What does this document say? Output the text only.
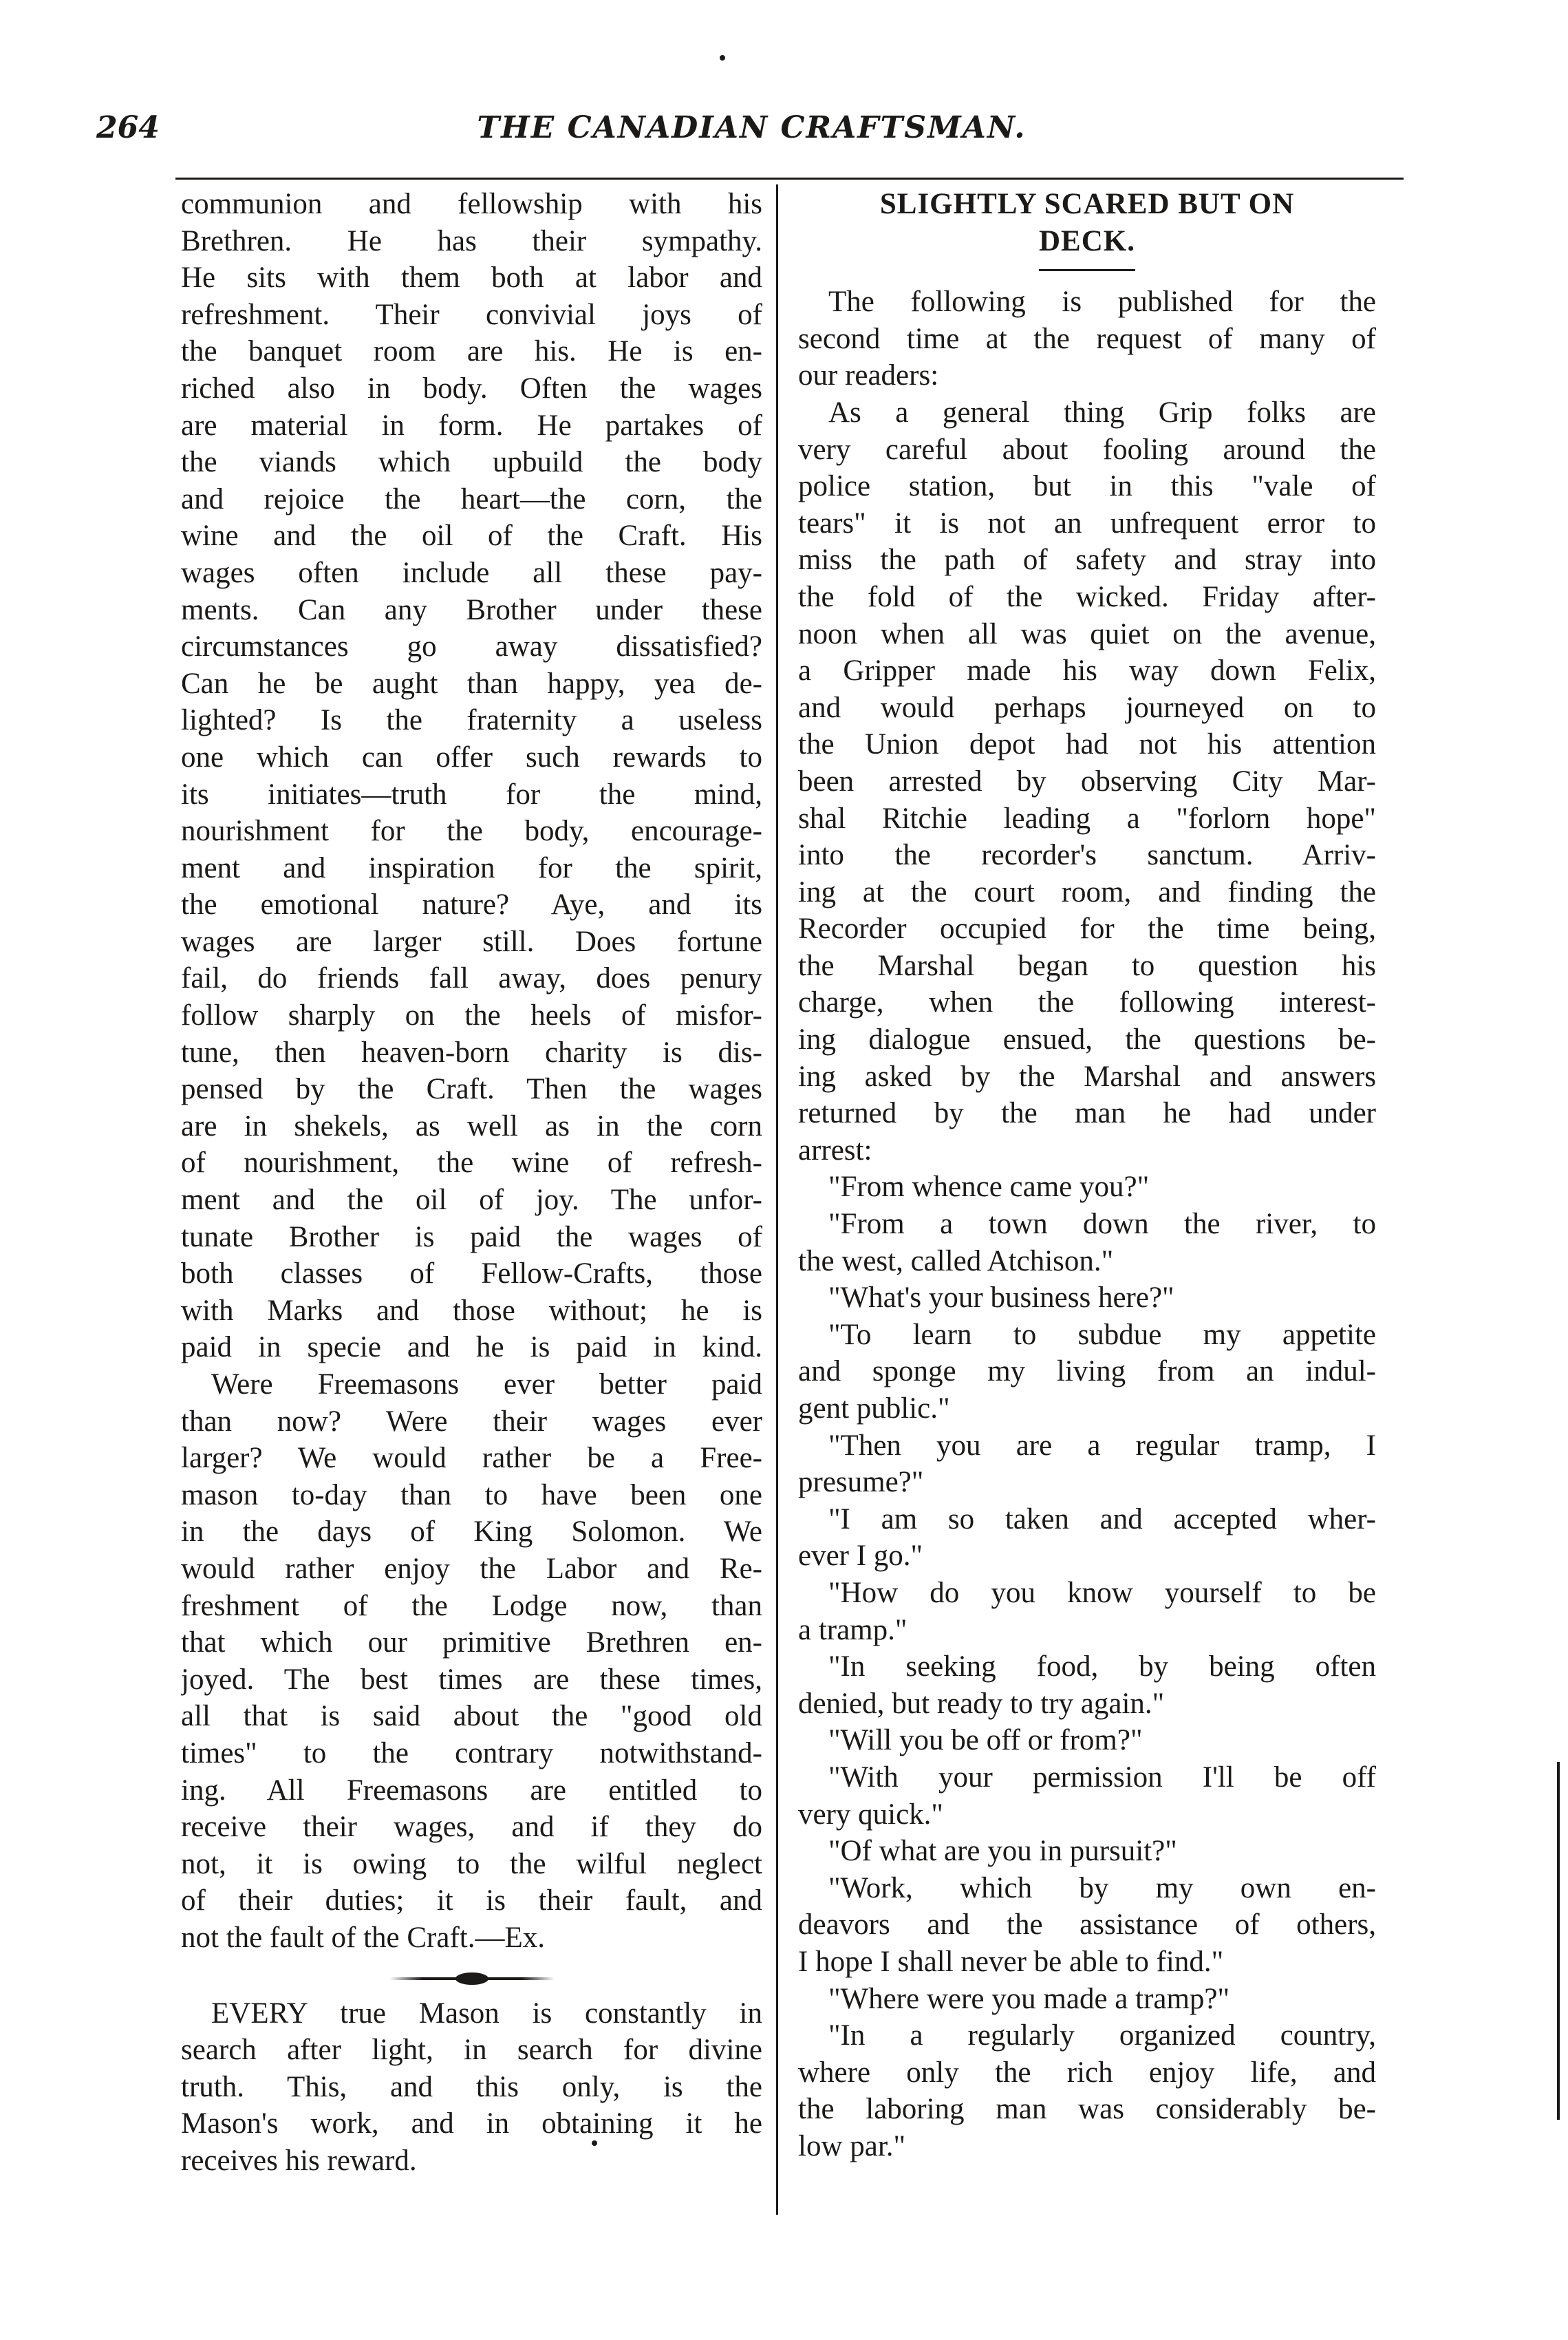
264	THE CANADIAN CRAFTSMAN.
communion and fellowship with his
Brethren. He has their sympathy.
He sits with them both at labor and
refreshment. Their convivial joys of
the banquet room are his. He is en-
riched also in body. Often the wages
are material in form. He partakes of
the viands which upbuild the body
and rejoice the heart—the corn, the
wine and the oil of the Craft. His
wages often include all these pay-
ments. Can any Brother under these
circumstances go away dissatisfied?
Can he be aught than happy, yea de-
lighted? Is the fraternity a useless
one which can offer such rewards to
its initiates—truth for the mind,
nourishment for the body, encourage-
ment and inspiration for the spirit,
the emotional nature? Aye, and its
wages are larger still. Does fortune
fail, do friends fall away, does penury
follow sharply on the heels of misfor-
tune, then heaven-born charity is dis-
pensed by the Craft. Then the wages
are in shekels, as well as in the corn
of nourishment, the wine of refresh-
ment and the oil of joy. The unfor-
tunate Brother is paid the wages of
both classes of Fellow-Crafts, those
with Marks and those without; he is
paid in specie and he is paid in kind.
Were Freemasons ever better paid
than now? Were their wages ever
larger? We would rather be a Free-
mason to-day than to have been one
in the days of King Solomon. We
would rather enjoy the Labor and Re-
freshment of the Lodge now, than
that which our primitive Brethren en-
joyed. The best times are these times,
all that is said about the "good old
times" to the contrary notwithstand-
ing. All Freemasons are entitled to
receive their wages, and if they do
not, it is owing to the wilful neglect
of their duties; it is their fault, and
not the fault of the Craft.—Ex.
EVERY true Mason is constantly in
search after light, in search for divine
truth. This, and this only, is the
Mason's work, and in obtaining it he
receives his reward.
SLIGHTLY SCARED BUT ON
DECK.
The following is published for the
second time at the request of many of
our readers:
As a general thing Grip folks are
very careful about fooling around the
police station, but in this "vale of
tears" it is not an unfrequent error to
miss the path of safety and stray into
the fold of the wicked. Friday after-
noon when all was quiet on the avenue,
a Gripper made his way down Felix,
and would perhaps journeyed on to
the Union depot had not his attention
been arrested by observing City Mar-
shal Ritchie leading a "forlorn hope"
into the recorder's sanctum. Arriv-
ing at the court room, and finding the
Recorder occupied for the time being,
the Marshal began to question his
charge, when the following interest-
ing dialogue ensued, the questions be-
ing asked by the Marshal and answers
returned by the man he had under
arrest:
"From whence came you?"
"From a town down the river, to
the west, called Atchison."
"What's your business here?"
"To learn to subdue my appetite
and sponge my living from an indul-
gent public."
"Then you are a regular tramp, I
presume?"
"I am so taken and accepted wher-
ever I go."
"How do you know yourself to be
a tramp."
"In seeking food, by being often
denied, but ready to try again."
"Will you be off or from?"
"With your permission I'll be off
very quick."
"Of what are you in pursuit?"
"Work, which by my own en-
deavors and the assistance of others,
I hope I shall never be able to find."
"Where were you made a tramp?"
"In a regularly organized country,
where only the rich enjoy life, and
the laboring man was considerably be-
low par."
